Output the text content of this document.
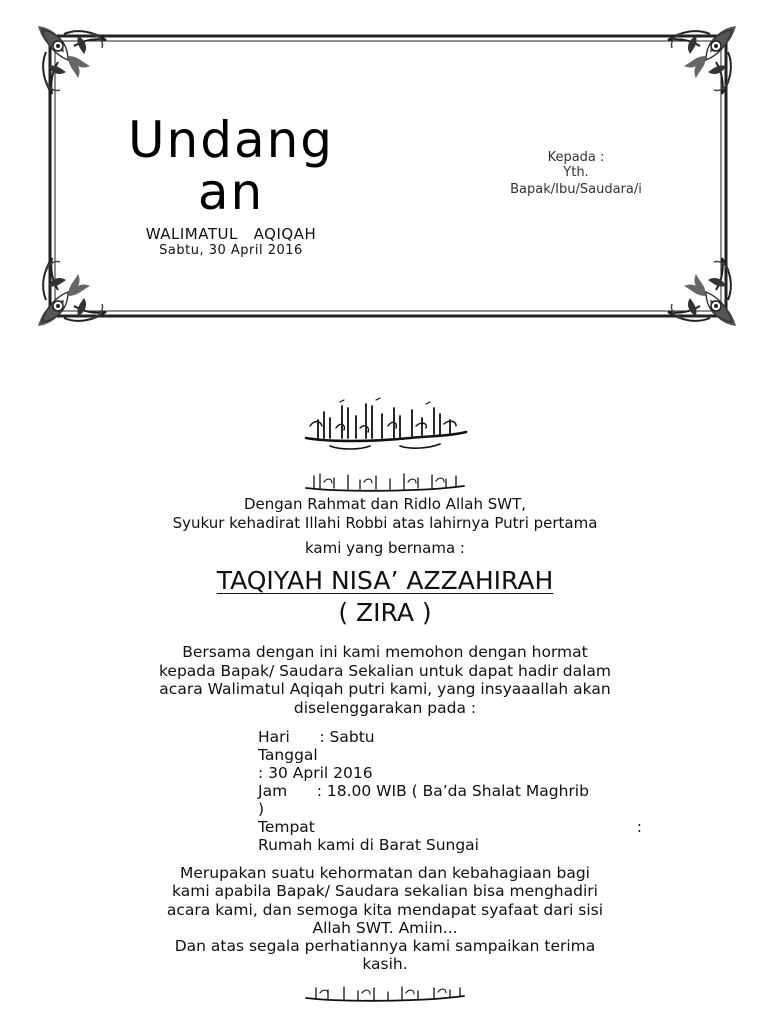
Undang
an
WALIMATUL   AQIQAH
Sabtu, 30 April 2016
Kepada :
Yth.
Bapak/Ibu/Saudara/i
بِسْمِ اللَّهِ الرَّحْمَنِ الرَّحِيمِ
السَّلاَمُ عَلَيْكُمْ وَرَحْمَةُ اللهِ وَبَرَكَاتُهُ
Dengan Rahmat dan Ridlo Allah SWT,
Syukur kehadirat Illahi Robbi atas lahirnya Putri pertama
kami yang bernama :
TAQIYAH NISA’ AZZAHIRAH
( ZIRA )
Bersama dengan ini kami memohon dengan hormat
kepada Bapak/ Saudara Sekalian untuk dapat hadir dalam
acara Walimatul Aqiqah putri kami, yang insyaaallah akan
diselenggarakan pada :
Hari      : Sabtu
Tanggal
: 30 April 2016
Jam      : 18.00 WIB ( Ba’da Shalat Maghrib
)
Tempat	:
Rumah kami di Barat Sungai
Merupakan suatu kehormatan dan kebahagiaan bagi
kami apabila Bapak/ Saudara sekalian bisa menghadiri
acara kami, dan semoga kita mendapat syafaat dari sisi
Allah SWT. Amiin...
Dan atas segala perhatiannya kami sampaikan terima
kasih.
وَالسَّلاَمُ عَلَيْكُمْ وَرَحْمَةُ اللهِ وَبَرَكَاتُهُ
